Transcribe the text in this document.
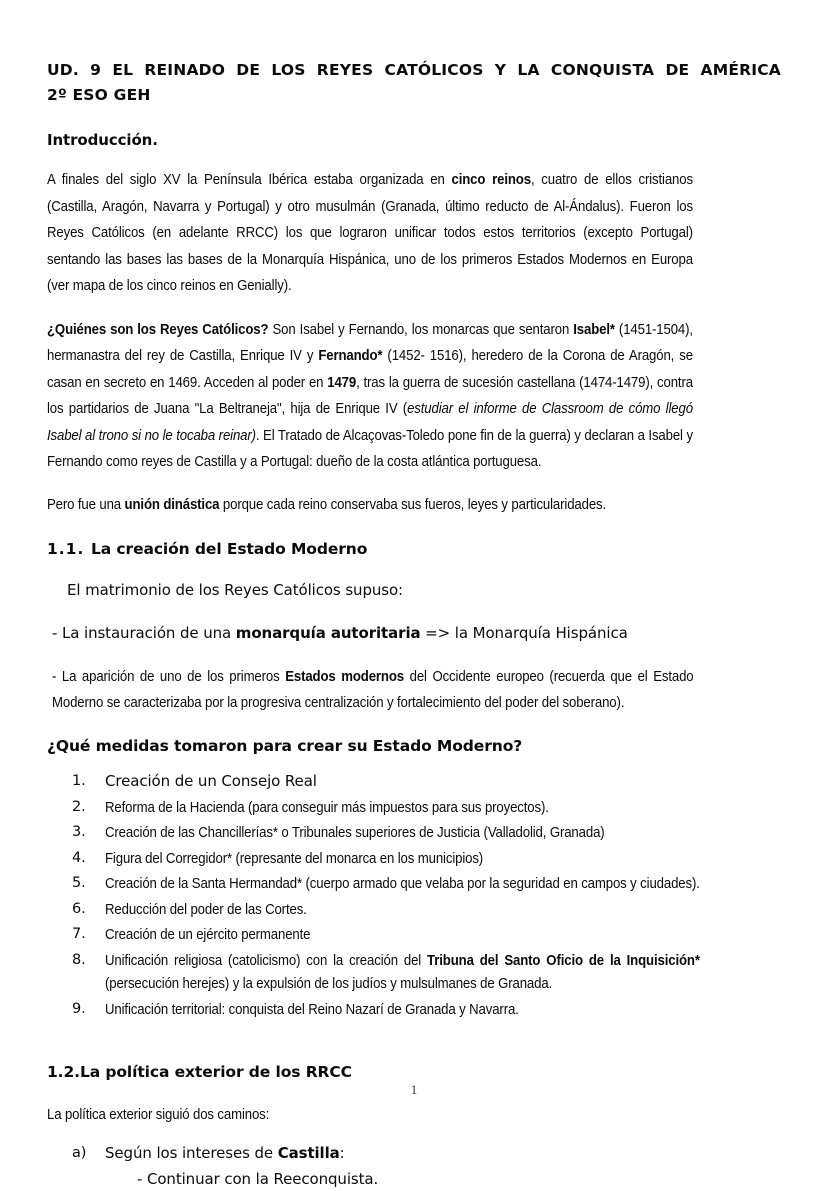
UD. 9 EL REINADO DE LOS REYES CATÓLICOS Y LA CONQUISTA DE AMÉRICA
2º ESO GEH
Introducción.

A finales del siglo XV la Península Ibérica estaba organizada en cinco reinos, cuatro de ellos cristianos (Castilla, Aragón, Navarra y Portugal) y otro musulmán (Granada, último reducto de Al-Ándalus). Fueron los Reyes Católicos (en adelante RRCC) los que lograron unificar todos estos territorios (excepto Portugal) sentando las bases las bases de la Monarquía Hispánica, uno de los primeros Estados Modernos en Europa (ver mapa de los cinco reinos en Genially).

¿Quiénes son los Reyes Católicos? Son Isabel y Fernando, los monarcas que sentaron Isabel* (1451-1504), hermanastra del rey de Castilla, Enrique IV y Fernando* (1452- 1516), heredero de la Corona de Aragón, se casan en secreto en 1469. Acceden al poder en 1479, tras la guerra de sucesión castellana (1474-1479), contra los partidarios de Juana "La Beltraneja", hija de Enrique IV (estudiar el informe de Classroom de cómo llegó Isabel al trono si no le tocaba reinar). El Tratado de Alcaçovas-Toledo pone fin de la guerra) y declaran a Isabel y Fernando como reyes de Castilla y a Portugal: dueño de la costa atlántica portuguesa.

Pero fue una unión dinástica porque cada reino conservaba sus fueros, leyes y particularidades.

1.1. La creación del Estado Moderno
El matrimonio de los Reyes Católicos supuso:
- La instauración de una monarquía autoritaria => la Monarquía Hispánica
- La aparición de uno de los primeros Estados modernos del Occidente europeo (recuerda que el Estado Moderno se caracterizaba por la progresiva centralización y fortalecimiento del poder del soberano).
¿Qué medidas tomaron para crear su Estado Moderno?
Creación de un Consejo Real
Reforma de la Hacienda (para conseguir más impuestos para sus proyectos).
Creación de las Chancillerías* o Tribunales superiores de Justicia (Valladolid, Granada)
Figura del Corregidor* (represante del monarca en los municipios)
Creación de la Santa Hermandad* (cuerpo armado que velaba por la seguridad en campos y ciudades).
Reducción del poder de las Cortes.
Creación de un ejército permanente
Unificación religiosa (catolicismo) con la creación del Tribuna del Santo Oficio de la Inquisición* (persecución herejes) y la expulsión de los judíos y mulsulmanes de Granada.
Unificación territorial: conquista del Reino Nazarí de Granada y Navarra.
1.2.La política exterior de los RRCC
La política exterior siguió dos caminos:
Según los intereses de Castilla:
- Continuar con la Reeconquista.
1
